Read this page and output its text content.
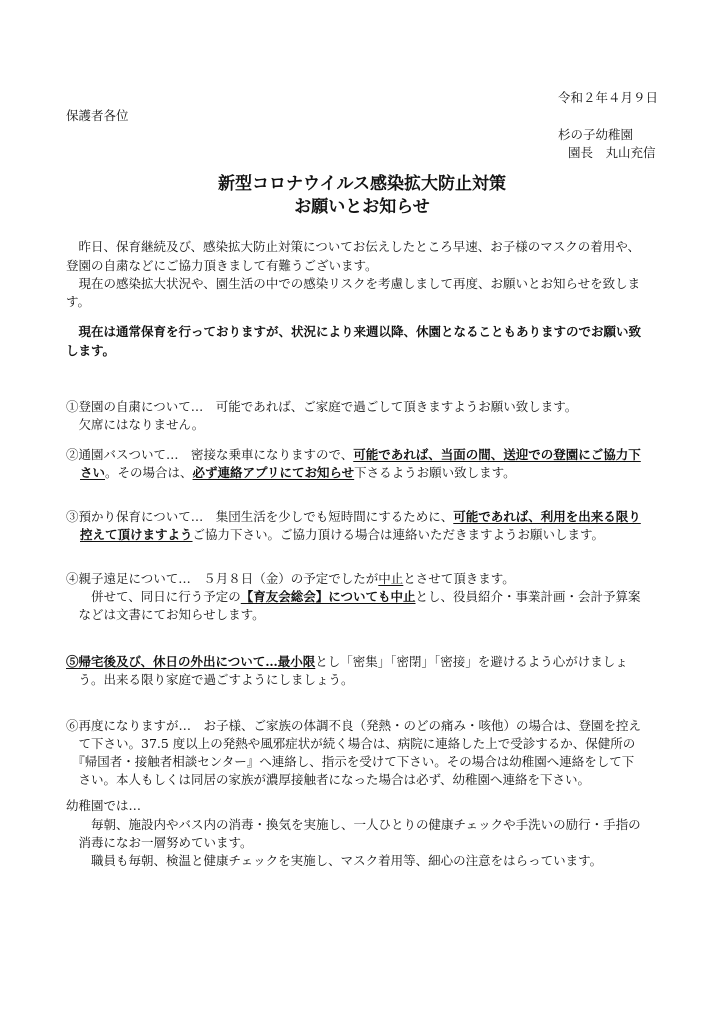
令和２年４月９日
保護者各位
杉の子幼稚園
園長　丸山充信
新型コロナウイルス感染拡大防止対策
お願いとお知らせ
　昨日、保育継続及び、感染拡大防止対策についてお伝えしたところ早速、お子様のマスクの着用や、
登園の自粛などにご協力頂きまして有難うございます。
　現在の感染拡大状況や、園生活の中での感染リスクを考慮しまして再度、お願いとお知らせを致しま
す。
　現在は通常保育を行っておりますが、状況により来週以降、休園となることもありますのでお願い致
します。
①登園の自粛について…　可能であれば、ご家庭で過ごして頂きますようお願い致します。
　欠席にはなりません。
②通園バスついて…　密接な乗車になりますので、可能であれば、当面の間、送迎での登園にご協力下
さい。その場合は、必ず連絡アプリにてお知らせ下さるようお願い致します。
③預かり保育について…　集団生活を少しでも短時間にするために、可能であれば、利用を出来る限り
控えて頂けますようご協力下さい。ご協力頂ける場合は連絡いただきますようお願いします。
④親子遠足について…　５月８日（金）の予定でしたが中止とさせて頂きます。
　　併せて、同日に行う予定の【育友会総会】についても中止とし、役員紹介・事業計画・会計予算案
　などは文書にてお知らせします。
⑤帰宅後及び、休日の外出について…最小限とし「密集」「密閉」「密接」を避けるよう心がけましょ
　う。出来る限り家庭で過ごすようにしましょう。
⑥再度になりますが…　お子様、ご家族の体調不良（発熱・のどの痛み・咳他）の場合は、登園を控え
　て下さい。37.5 度以上の発熱や風邪症状が続く場合は、病院に連絡した上で受診するか、保健所の
　『帰国者・接触者相談センター』へ連絡し、指示を受けて下さい。その場合は幼稚園へ連絡をして下
　さい。本人もしくは同居の家族が濃厚接触者になった場合は必ず、幼稚園へ連絡を下さい。
幼稚園では…
　　毎朝、施設内やバス内の消毒・換気を実施し、一人ひとりの健康チェックや手洗いの励行・手指の
　消毒になお一層努めています。
　　職員も毎朝、検温と健康チェックを実施し、マスク着用等、細心の注意をはらっています。
